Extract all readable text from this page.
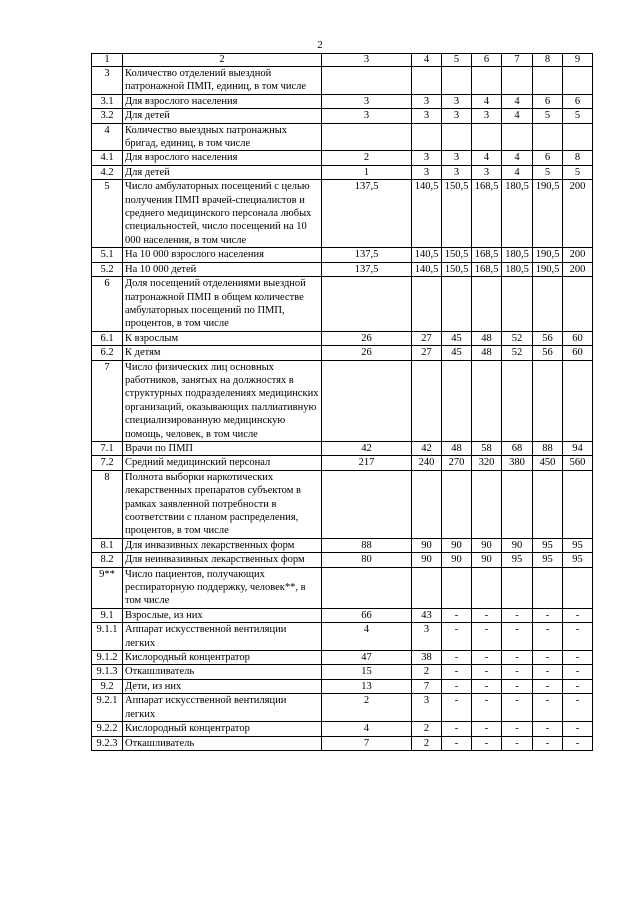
2
1	2	3	4	5	6	7	8	9
3	Количество отделений выездной патронажной ПМП, единиц, в том числе							
3.1	Для взрослого населения	3	3	3	4	4	6	6
3.2	Для детей	3	3	3	3	4	5	5
4	Количество выездных патронажных бригад, единиц, в том числе							
4.1	Для взрослого населения	2	3	3	4	4	6	8
4.2	Для детей	1	3	3	3	4	5	5
5	Число амбулаторных посещений с целью получения ПМП врачей-специалистов и среднего медицинского персонала любых специальностей, число посещений на 10 000 населения, в том числе	137,5	140,5	150,5	168,5	180,5	190,5	200
5.1	На 10 000 взрослого населения	137,5	140,5	150,5	168,5	180,5	190,5	200
5.2	На 10 000 детей	137,5	140,5	150,5	168,5	180,5	190,5	200
6	Доля посещений отделениями выездной патронажной ПМП в общем количестве амбулаторных посещений по ПМП, процентов, в том числе							
6.1	К взрослым	26	27	45	48	52	56	60
6.2	К детям	26	27	45	48	52	56	60
7	Число физических лиц основных работников, занятых на должностях в структурных подразделениях медицинских организаций, оказывающих паллиативную специализированную медицинскую помощь, человек, в том числе							
7.1	Врачи по ПМП	42	42	48	58	68	88	94
7.2	Средний медицинский персонал	217	240	270	320	380	450	560
8	Полнота выборки наркотических лекарственных препаратов субъектом в рамках заявленной потребности в соответствии с планом распределения, процентов, в том числе							
8.1	Для инвазивных лекарственных форм	88	90	90	90	90	95	95
8.2	Для неинвазивных лекарственных форм	80	90	90	90	95	95	95
9**	Число пациентов, получающих респираторную поддержку, человек**, в том числе							
9.1	Взрослые, из них	66	43	-	-	-	-	-
9.1.1	Аппарат искусственной вентиляции легких	4	3	-	-	-	-	-
9.1.2	Кислородный концентратор	47	38	-	-	-	-	-
9.1.3	Откашливатель	15	2	-	-	-	-	-
9.2	Дети, из них	13	7	-	-	-	-	-
9.2.1	Аппарат искусственной вентиляции легких	2	3	-	-	-	-	-
9.2.2	Кислородный концентратор	4	2	-	-	-	-	-
9.2.3	Откашливатель	7	2	-	-	-	-	-
